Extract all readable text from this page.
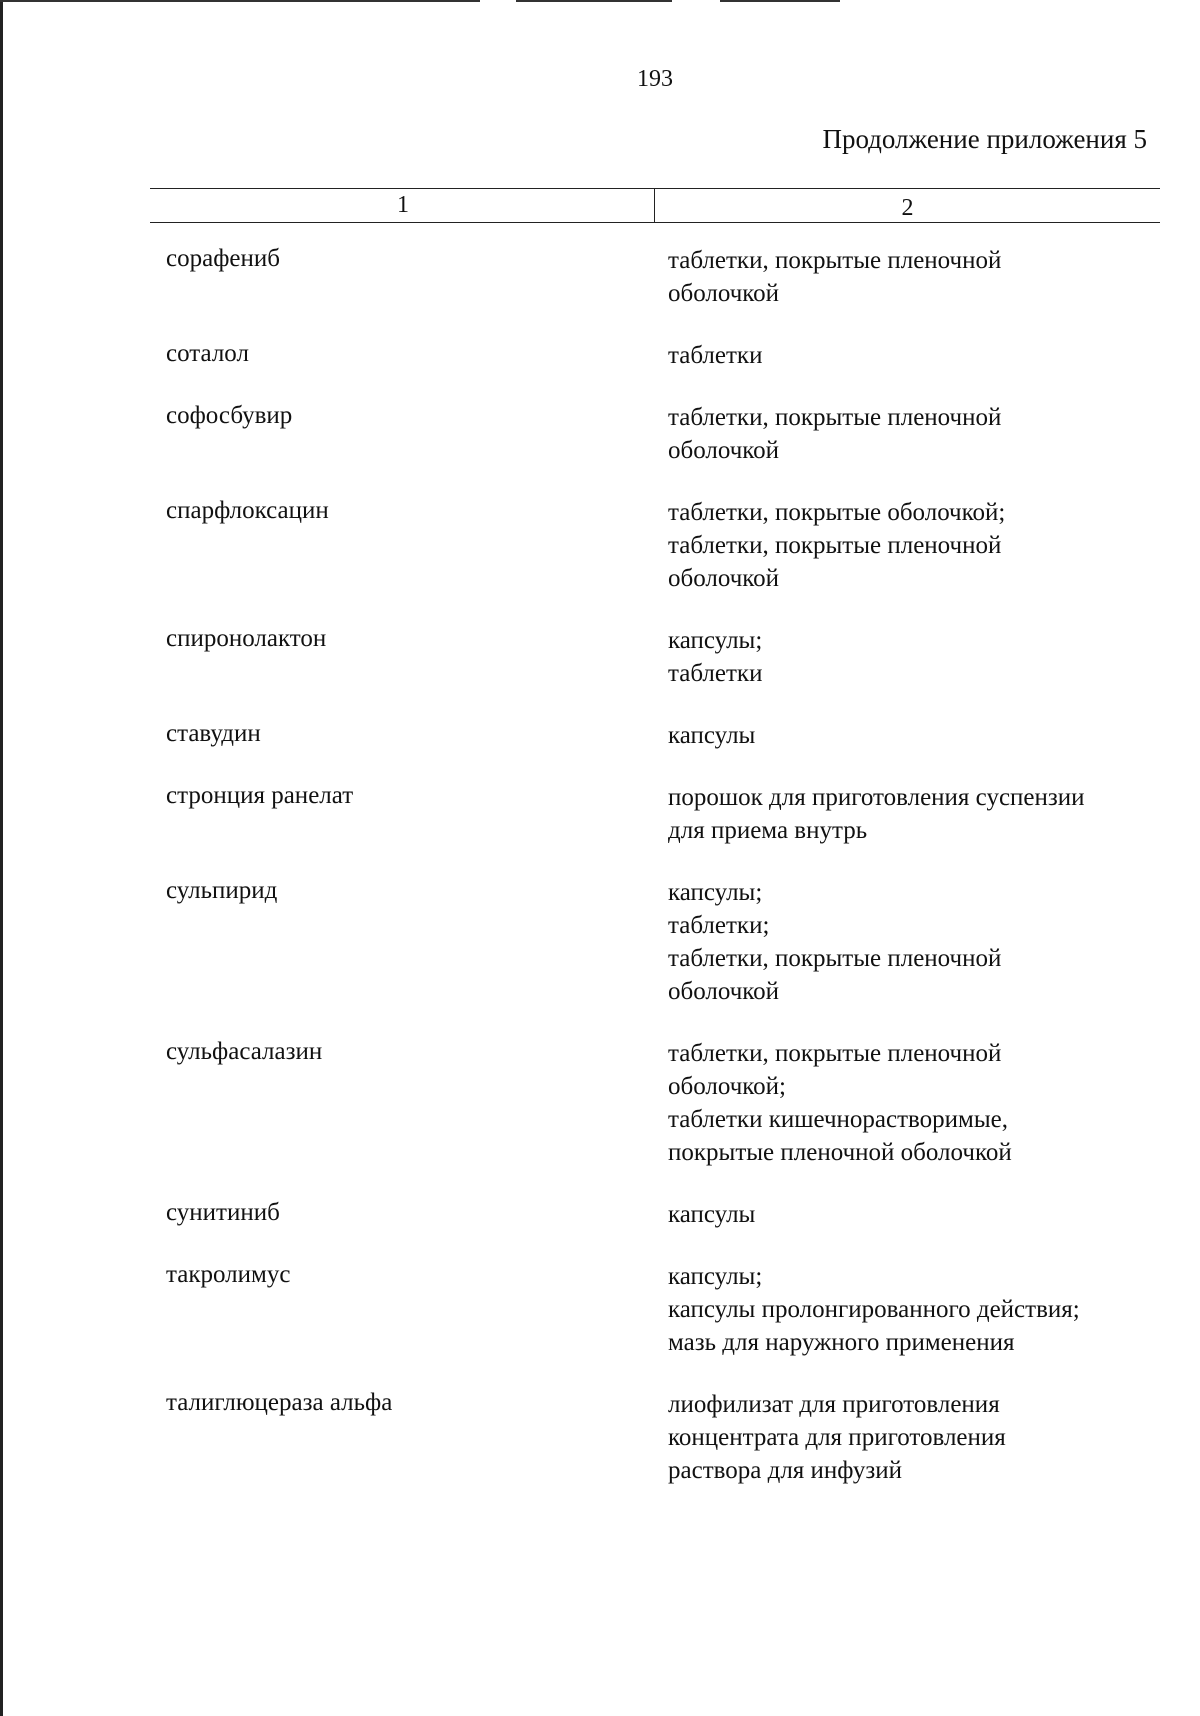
193
Продолжение приложения 5
1	2
сорафениб	таблетки, покрытые пленочной
оболочкой
соталол	таблетки
софосбувир	таблетки, покрытые пленочной
оболочкой
спарфлоксацин	таблетки, покрытые оболочкой;
таблетки, покрытые пленочной
оболочкой
спиронолактон	капсулы;
таблетки
ставудин	капсулы
стронция ранелат	порошок для приготовления суспензии
для приема внутрь
сульпирид	капсулы;
таблетки;
таблетки, покрытые пленочной
оболочкой
сульфасалазин	таблетки, покрытые пленочной
оболочкой;
таблетки кишечнорастворимые,
покрытые пленочной оболочкой
сунитиниб	капсулы
такролимус	капсулы;
капсулы пролонгированного действия;
мазь для наружного применения
талиглюцераза альфа	лиофилизат для приготовления
концентрата для приготовления
раствора для инфузий
